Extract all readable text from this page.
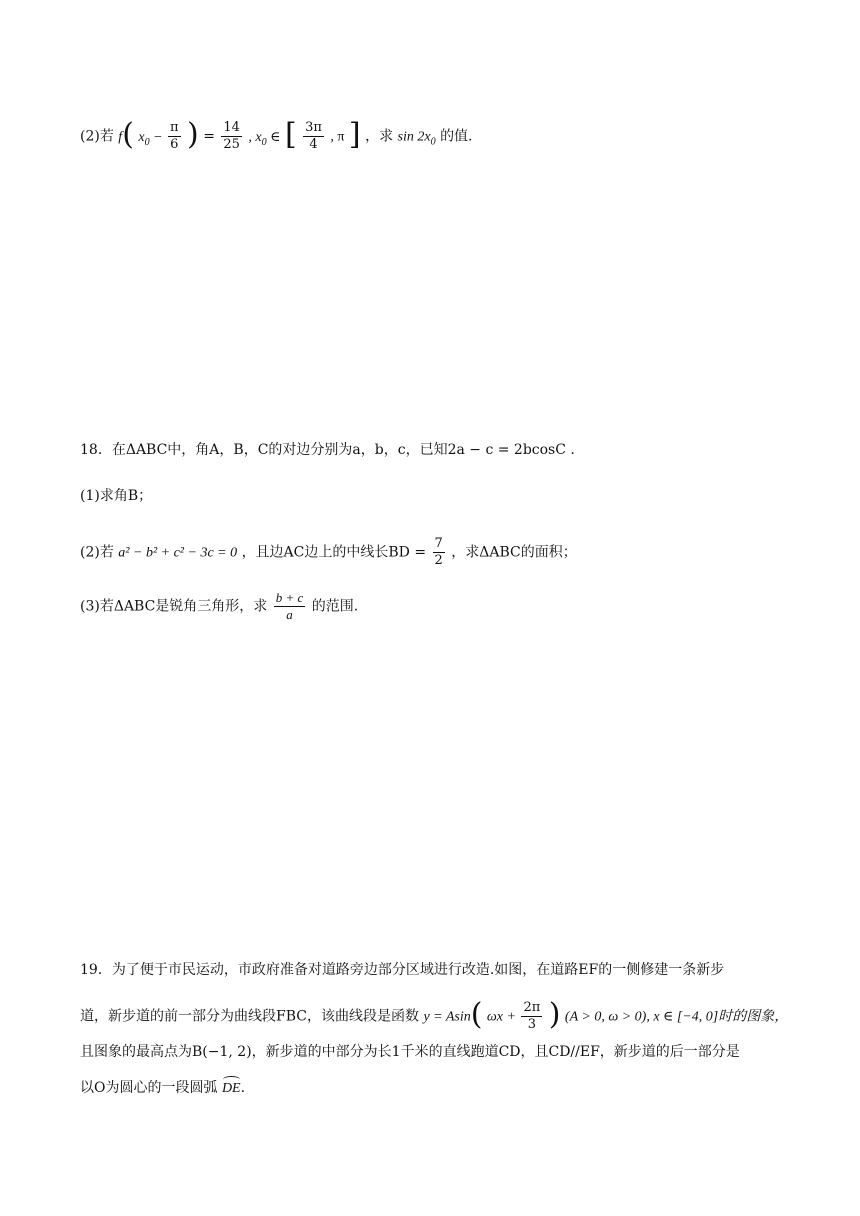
(2)若 f( $x_0 - \frac{\pi}{6}$ ) = $\frac{14}{25}$ , $x_0$ ∈ [ $\frac{3\pi}{4}$ , π ] ，求 $\sin 2x_0$ 的值.
18．在ΔABC中，角A，B，C的对边分别为a，b，c，已知2a − c = 2bcosC .
(1)求角B；
(2)若 a² − b² + c² − 3c = 0 ，且边AC边上的中线长BD = $\frac{7}{2}$ ，求ΔABC的面积；
(3)若ΔABC是锐角三角形，求 $\frac{b + c}{a}$ 的范围.
19．为了便于市民运动，市政府准备对道路旁边部分区域进行改造.如图，在道路EF的一侧修建一条新步
道，新步道的前一部分为曲线段FBC，该曲线段是函数 y = Asin( $\omega x + \frac{2\pi}{3}$ ) (A > 0, ω > 0), x ∈ [−4, 0]时的图象，
且图象的最高点为B(−1, 2)，新步道的中部分为长1千米的直线跑道CD，且CD//EF，新步道的后一部分是
以O为圆心的一段圆弧 DE.
